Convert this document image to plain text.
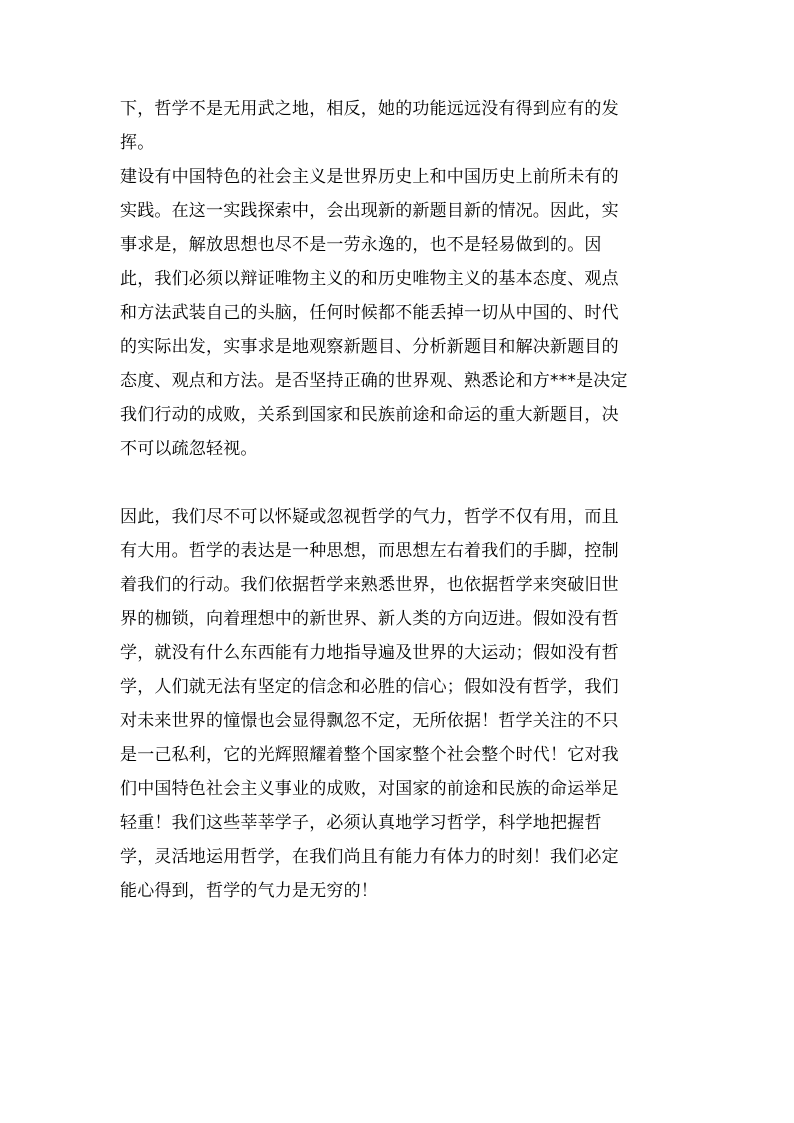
下，哲学不是无用武之地，相反，她的功能远远没有得到应有的发
挥。
建设有中国特色的社会主义是世界历史上和中国历史上前所未有的
实践。在这一实践探索中，会出现新的新题目新的情况。因此，实
事求是，解放思想也尽不是一劳永逸的，也不是轻易做到的。因
此，我们必须以辩证唯物主义的和历史唯物主义的基本态度、观点
和方法武装自己的头脑，任何时候都不能丢掉一切从中国的、时代
的实际出发，实事求是地观察新题目、分析新题目和解决新题目的
态度、观点和方法。是否坚持正确的世界观、熟悉论和方***是决定
我们行动的成败，关系到国家和民族前途和命运的重大新题目，决
不可以疏忽轻视。
因此，我们尽不可以怀疑或忽视哲学的气力，哲学不仅有用，而且
有大用。哲学的表达是一种思想，而思想左右着我们的手脚，控制
着我们的行动。我们依据哲学来熟悉世界，也依据哲学来突破旧世
界的枷锁，向着理想中的新世界、新人类的方向迈进。假如没有哲
学，就没有什么东西能有力地指导遍及世界的大运动；假如没有哲
学，人们就无法有坚定的信念和必胜的信心；假如没有哲学，我们
对未来世界的憧憬也会显得飘忽不定，无所依据！哲学关注的不只
是一己私利，它的光辉照耀着整个国家整个社会整个时代！它对我
们中国特色社会主义事业的成败，对国家的前途和民族的命运举足
轻重！我们这些莘莘学子，必须认真地学习哲学，科学地把握哲
学，灵活地运用哲学，在我们尚且有能力有体力的时刻！我们必定
能心得到，哲学的气力是无穷的！
